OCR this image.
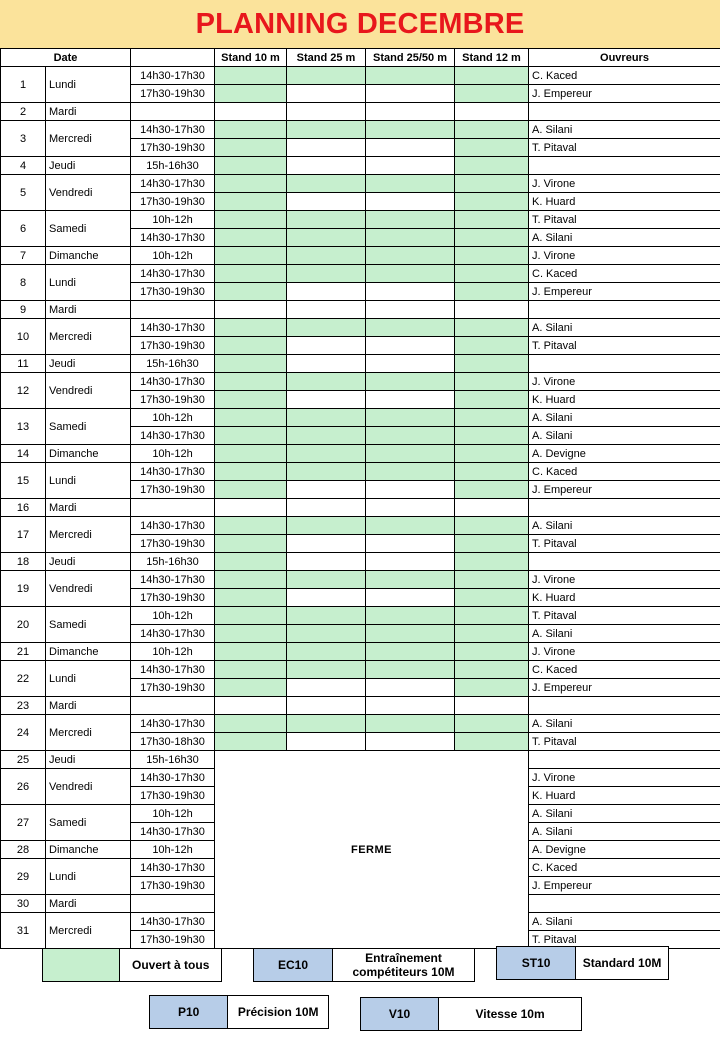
PLANNING DECEMBRE
Date			Stand 10 m	Stand 25 m	Stand 25/50 m	Stand 12 m	Ouvreurs
1	Lundi	14h30-17h30					C. Kaced
		17h30-19h30					J. Empereur
2	Mardi						
3	Mercredi	14h30-17h30					A. Silani
		17h30-19h30					T. Pitaval
4	Jeudi	15h-16h30					
5	Vendredi	14h30-17h30					J. Virone
		17h30-19h30					K. Huard
6	Samedi	10h-12h					T. Pitaval
		14h30-17h30					A. Silani
7	Dimanche	10h-12h					J. Virone
8	Lundi	14h30-17h30					C. Kaced
		17h30-19h30					J. Empereur
9	Mardi						
10	Mercredi	14h30-17h30					A. Silani
		17h30-19h30					T. Pitaval
11	Jeudi	15h-16h30					
12	Vendredi	14h30-17h30					J. Virone
		17h30-19h30					K. Huard
13	Samedi	10h-12h					A. Silani
		14h30-17h30					A. Silani
14	Dimanche	10h-12h					A. Devigne
15	Lundi	14h30-17h30					C. Kaced
		17h30-19h30					J. Empereur
16	Mardi						
17	Mercredi	14h30-17h30					A. Silani
		17h30-19h30					T. Pitaval
18	Jeudi	15h-16h30					
19	Vendredi	14h30-17h30					J. Virone
		17h30-19h30					K. Huard
20	Samedi	10h-12h					T. Pitaval
		14h30-17h30					A. Silani
21	Dimanche	10h-12h					J. Virone
22	Lundi	14h30-17h30					C. Kaced
		17h30-19h30					J. Empereur
23	Mardi						
24	Mercredi	14h30-17h30					A. Silani
		17h30-18h30					T. Pitaval
25	Jeudi	15h-16h30	FERME				
26	Vendredi	14h30-17h30					J. Virone
		17h30-19h30					K. Huard
27	Samedi	10h-12h					A. Silani
		14h30-17h30					A. Silani
28	Dimanche	10h-12h					A. Devigne
29	Lundi	14h30-17h30					C. Kaced
		17h30-19h30					J. Empereur
30	Mardi						
31	Mercredi	14h30-17h30					A. Silani
		17h30-19h30					T. Pitaval
Ouvert à tous	EC10	Entraînement compétiteurs 10M
ST10	Standard 10M
P10	Précision 10M	V10	Vitesse 10m
